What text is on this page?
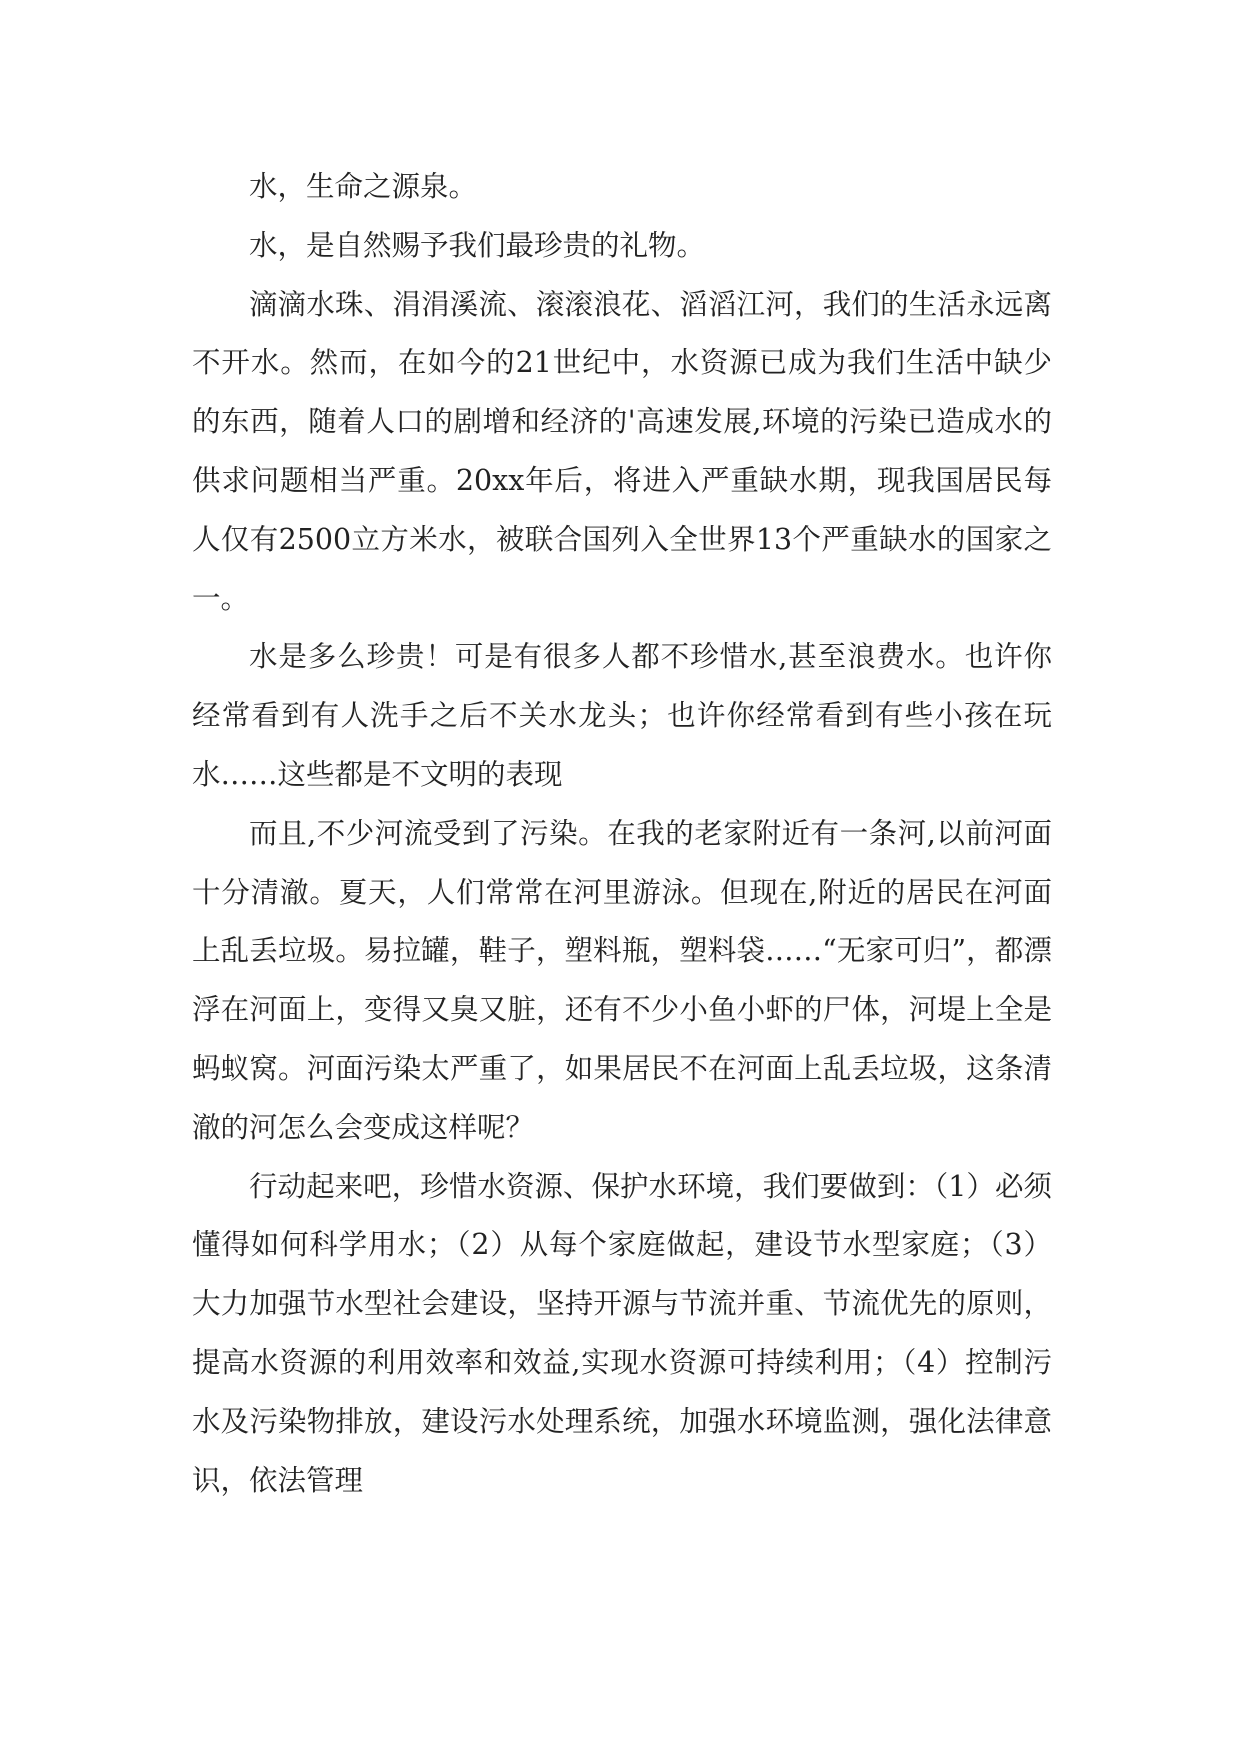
水，生命之源泉。

水，是自然赐予我们最珍贵的礼物。

滴滴水珠、涓涓溪流、滚滚浪花、滔滔江河，我们的生活永远离不开水。然而，在如今的21世纪中，水资源已成为我们生活中缺少的东西，随着人口的剧增和经济的'高速发展,环境的污染已造成水的供求问题相当严重。20xx年后，将进入严重缺水期，现我国居民每人仅有2500立方米水，被联合国列入全世界13个严重缺水的国家之一。

水是多么珍贵！可是有很多人都不珍惜水,甚至浪费水。也许你经常看到有人洗手之后不关水龙头；也许你经常看到有些小孩在玩水……这些都是不文明的表现

而且,不少河流受到了污染。在我的老家附近有一条河,以前河面十分清澈。夏天，人们常常在河里游泳。但现在,附近的居民在河面上乱丢垃圾。易拉罐，鞋子，塑料瓶，塑料袋……“无家可归”，都漂浮在河面上，变得又臭又脏，还有不少小鱼小虾的尸体，河堤上全是蚂蚁窝。河面污染太严重了，如果居民不在河面上乱丢垃圾，这条清澈的河怎么会变成这样呢？

行动起来吧，珍惜水资源、保护水环境，我们要做到：（1）必须懂得如何科学用水；（2）从每个家庭做起，建设节水型家庭；（3）大力加强节水型社会建设，坚持开源与节流并重、节流优先的原则，提高水资源的利用效率和效益,实现水资源可持续利用；（4）控制污水及污染物排放，建设污水处理系统，加强水环境监测，强化法律意识，依法管理
